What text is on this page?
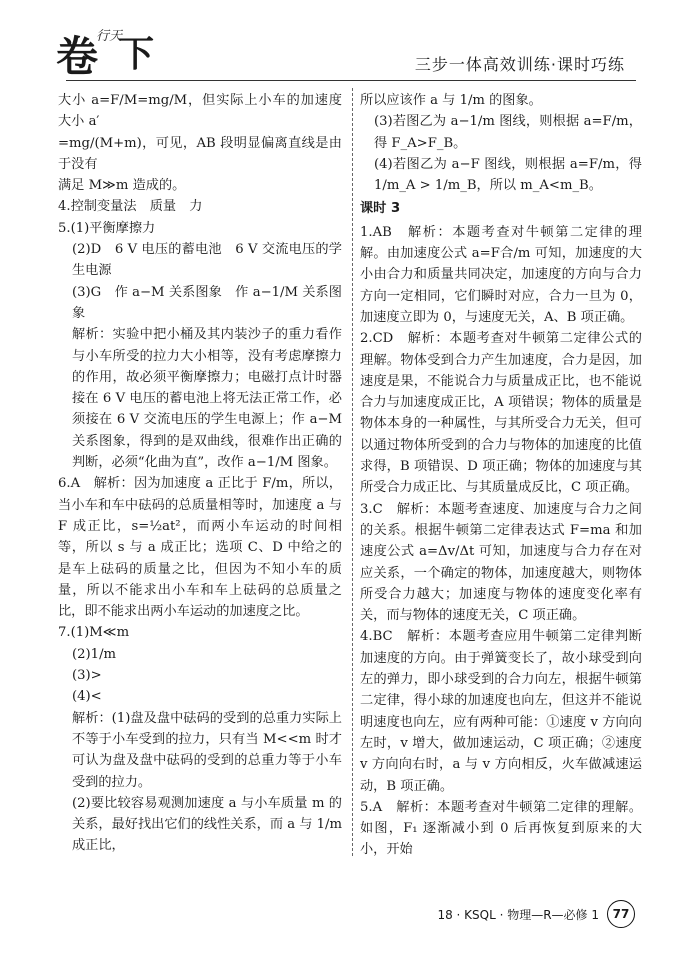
卷
行天
下	三步一体高效训练·课时巧练

大小 a=F/M=mg/M，但实际上小车的加速度大小 a′

=mg/(M+m)，可见，AB 段明显偏离直线是由于没有

满足 M≫m 造成的。

4.控制变量法　质量　力

5.(1)平衡摩擦力

(2)D　6 V 电压的蓄电池　6 V 交流电压的学生电源

(3)G　作 a−M 关系图象　作 a−1/M 关系图象

解析：实验中把小桶及其内装沙子的重力看作与小车所受的拉力大小相等，没有考虑摩擦力的作用，故必须平衡摩擦力；电磁打点计时器接在 6 V 电压的蓄电池上将无法正常工作，必须接在 6 V 交流电压的学生电源上；作 a−M 关系图象，得到的是双曲线，很难作出正确的判断，必须“化曲为直”，改作 a−1/M 图象。

6.A　解析：因为加速度 a 正比于 F/m，所以，当小车和车中砝码的总质量相等时，加速度 a 与 F 成正比，s=½at²，而两小车运动的时间相等，所以 s 与 a 成正比；选项 C、D 中给之的是车上砝码的质量之比，但因为不知小车的质量，所以不能求出小车和车上砝码的总质量之比，即不能求出两小车运动的加速度之比。

7.(1)M≪m

(2)1/m

(3)>

(4)<

解析：(1)盘及盘中砝码的受到的总重力实际上不等于小车受到的拉力，只有当 M<<m 时才可认为盘及盘中砝码的受到的总重力等于小车受到的拉力。

(2)要比较容易观测加速度 a 与小车质量 m 的关系，最好找出它们的线性关系，而 a 与 1/m 成正比，

所以应该作 a 与 1/m 的图象。

(3)若图乙为 a−1/m 图线，则根据 a=F/m，得 F_A>F_B。

(4)若图乙为 a−F 图线，则根据 a=F/m，得 1/m_A > 1/m_B，所以 m_A<m_B。

课时 3

1.AB　解析：本题考查对牛顿第二定律的理解。由加速度公式 a=F合/m 可知，加速度的大小由合力和质量共同决定，加速度的方向与合力方向一定相同，它们瞬时对应，合力一旦为 0，加速度立即为 0，与速度无关，A、B 项正确。

2.CD　解析：本题考查对牛顿第二定律公式的理解。物体受到合力产生加速度，合力是因，加速度是果，不能说合力与质量成正比，也不能说合力与加速度成正比，A 项错误；物体的质量是物体本身的一种属性，与其所受合力无关，但可以通过物体所受到的合力与物体的加速度的比值求得，B 项错误、D 项正确；物体的加速度与其所受合力成正比、与其质量成反比，C 项正确。

3.C　解析：本题考查速度、加速度与合力之间的关系。根据牛顿第二定律表达式 F=ma 和加速度公式 a=Δv/Δt 可知，加速度与合力存在对应关系，一个确定的物体，加速度越大，则物体所受合力越大；加速度与物体的速度变化率有关，而与物体的速度无关，C 项正确。

4.BC　解析：本题考查应用牛顿第二定律判断加速度的方向。由于弹簧变长了，故小球受到向左的弹力，即小球受到的合力向左，根据牛顿第二定律，得小球的加速度也向左，但这并不能说明速度也向左，应有两种可能：①速度 v 方向向左时，v 增大，做加速运动，C 项正确；②速度 v 方向向右时，a 与 v 方向相反，火车做减速运动，B 项正确。

5.A　解析：本题考查对牛顿第二定律的理解。如图，F₁ 逐渐减小到 0 后再恢复到原来的大小，开始

18 · KSQL · 物理—R—必修 1	77
